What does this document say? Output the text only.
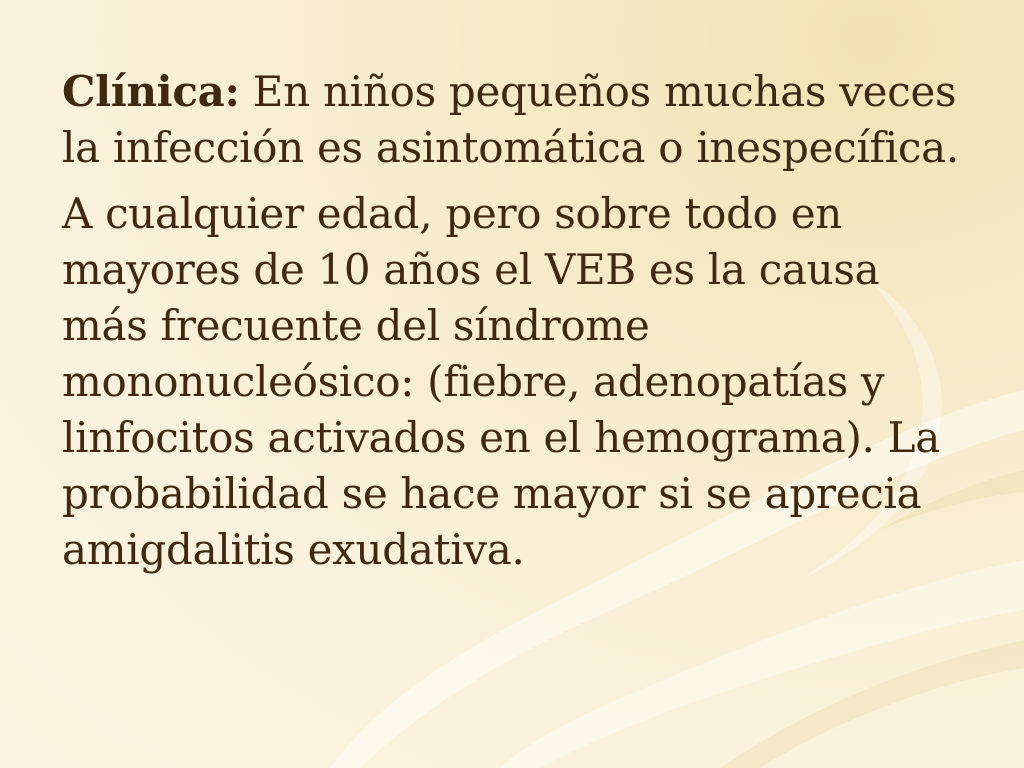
Clínica: En niños pequeños muchas veces la infección es asintomática o inespecífica.

A cualquier edad, pero sobre todo en mayores de 10 años el VEB es la causa más frecuente del síndrome mononucleósico: (fiebre, adenopatías y linfocitos activados en el hemograma). La probabilidad se hace mayor si se aprecia amigdalitis exudativa.
